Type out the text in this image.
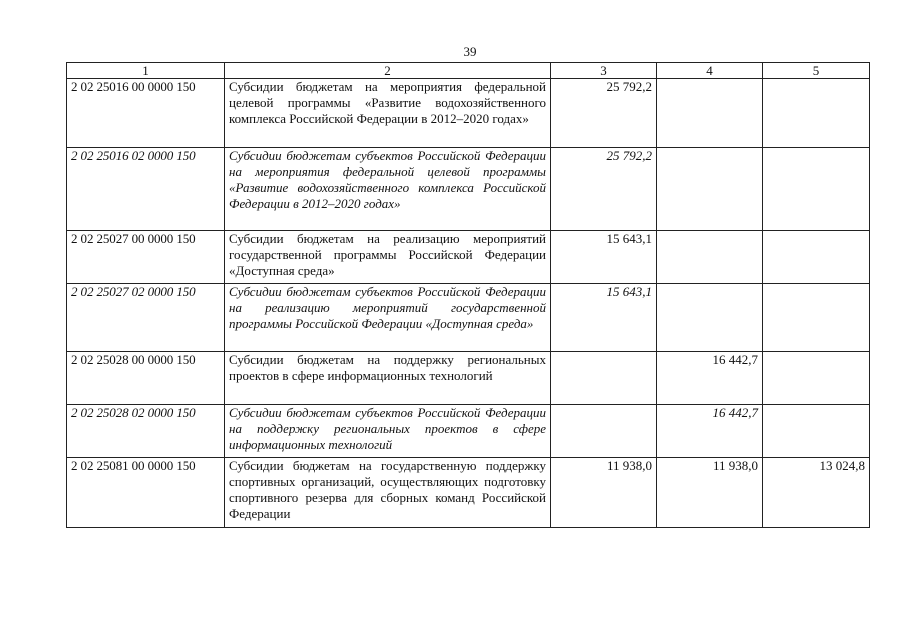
39
1	2	3	4	5
2 02 25016 00 0000 150	Субсидии бюджетам на мероприятия федеральной целевой программы «Развитие водохозяйственного комплекса Российской Федерации в 2012–2020 годах»	25 792,2		
2 02 25016 02 0000 150	Субсидии бюджетам субъектов Российской Федерации на мероприятия федеральной целевой программы «Развитие водохозяйственного комплекса Российской Федерации в 2012–2020 годах»	25 792,2		
2 02 25027 00 0000 150	Субсидии бюджетам на реализацию мероприятий государственной программы Российской Федерации «Доступная среда»	15 643,1		
2 02 25027 02 0000 150	Субсидии бюджетам субъектов Российской Федерации на реализацию мероприятий государственной программы Российской Федерации «Доступная среда»	15 643,1		
2 02 25028 00 0000 150	Субсидии бюджетам на поддержку региональных проектов в сфере информационных технологий		16 442,7	
2 02 25028 02 0000 150	Субсидии бюджетам субъектов Российской Федерации на поддержку региональных проектов в сфере информационных технологий		16 442,7	
2 02 25081 00 0000 150	Субсидии бюджетам на государственную поддержку спортивных организаций, осуществляющих подготовку спортивного резерва для сборных команд Российской Федерации	11 938,0	11 938,0	13 024,8
